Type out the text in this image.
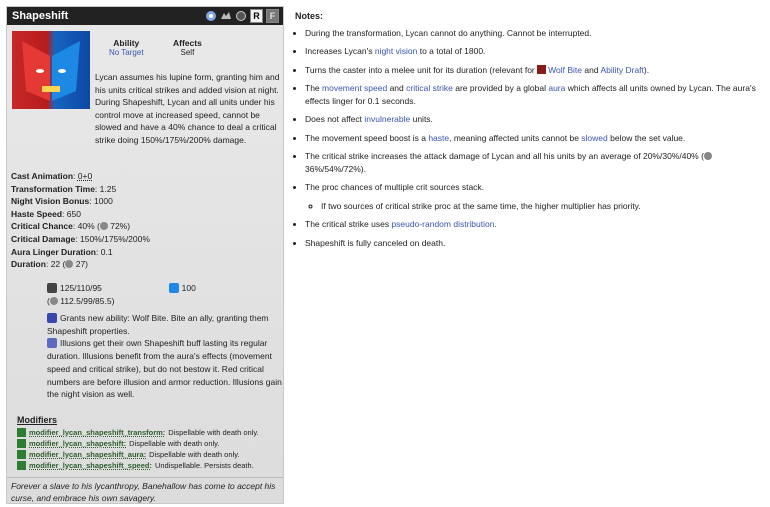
Shapeshift	R	F
Ability
No Target
Affects
Self
Lycan assumes his lupine form, granting him and his units critical strikes and added vision at night. During Shapeshift, Lycan and all units under his control move at increased speed, cannot be slowed and have a 40% chance to deal a critical strike doing 150%/175%/200% damage.
Cast Animation: 0+0
Transformation Time: 1.25
Night Vision Bonus: 1000
Haste Speed: 650
Critical Chance: 40% ( 72%)
Critical Damage: 150%/175%/200%
Aura Linger Duration: 0.1
Duration: 22 ( 27)
125/110/95	100
( 112.5/99/85.5)
Grants new ability: Wolf Bite. Bite an ally, granting them Shapeshift properties.
Illusions get their own Shapeshift buff lasting its regular duration. Illusions benefit from the aura's effects (movement speed and critical strike), but do not bestow it. Red critical numbers are before illusion and armor reduction. Illusions gain the night vision as well.
Modifiers
modifier_lycan_shapeshift_transform: Dispellable with death only.
modifier_lycan_shapeshift: Dispellable with death only.
modifier_lycan_shapeshift_aura: Dispellable with death only.
modifier_lycan_shapeshift_speed: Undispellable. Persists death.
Forever a slave to his lycanthropy, Banehallow has come to accept his curse, and embrace his own savagery.
Notes:
• During the transformation, Lycan cannot do anything. Cannot be interrupted.
• Increases Lycan's night vision to a total of 1800.
• Turns the caster into a melee unit for its duration (relevant for Wolf Bite and Ability Draft).
• The movement speed and critical strike are provided by a global aura which affects all units owned by Lycan. The aura's effects linger for 0.1 seconds.
• Does not affect invulnerable units.
• The movement speed boost is a haste, meaning affected units cannot be slowed below the set value.
• The critical strike increases the attack damage of Lycan and all his units by an average of 20%/30%/40% (
36%/54%/72%).
• The proc chances of multiple crit sources stack.
◦ If two sources of critical strike proc at the same time, the higher multiplier has priority.
• The critical strike uses pseudo-random distribution.
• Shapeshift is fully canceled on death.
